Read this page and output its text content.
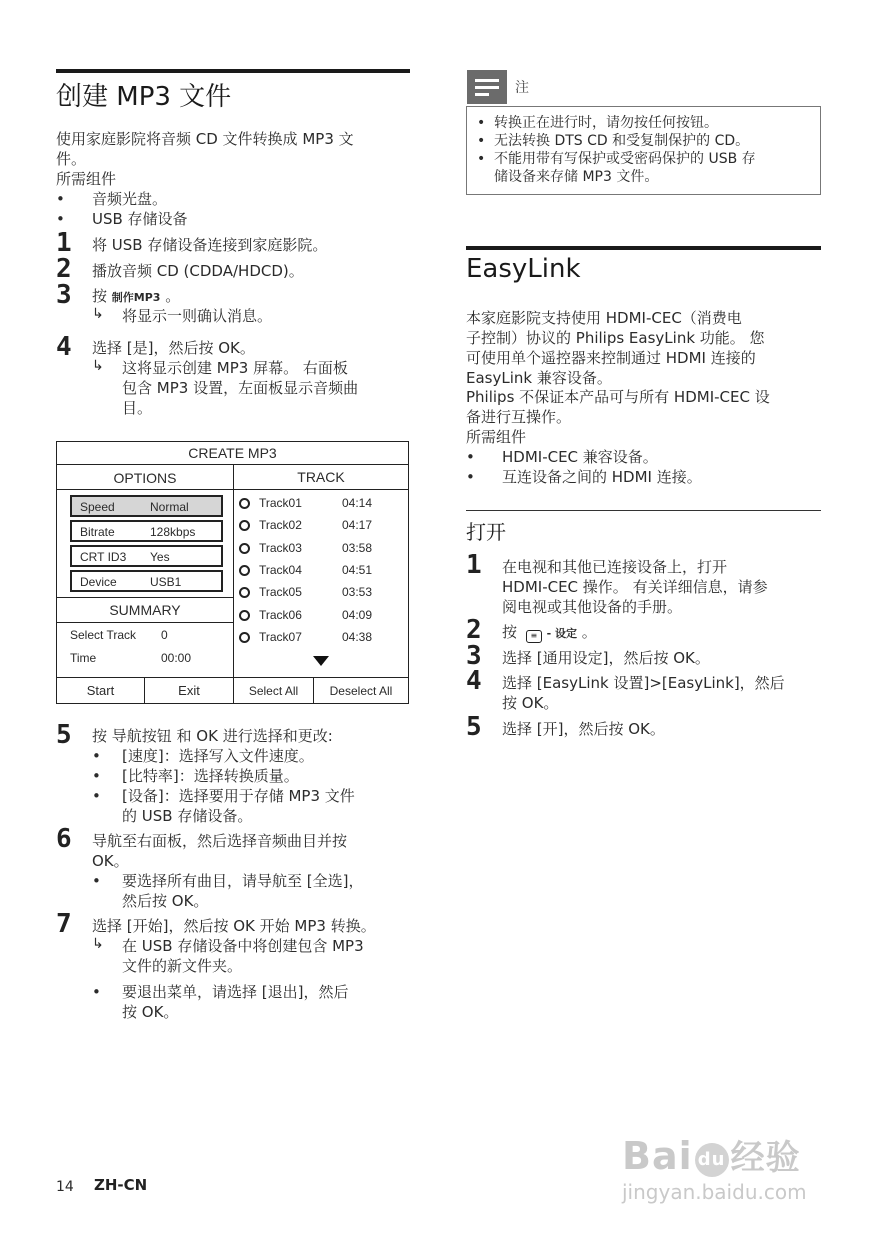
创建 MP3 文件
使用家庭影院将音频 CD 文件转换成 MP3 文
件。
所需组件
• 音频光盘。
• USB 存储设备
1 将 USB 存储设备连接到家庭影院。
2 播放音频 CD (CDDA/HDCD)。
3 按 制作MP3 。
↳ 将显示一则确认消息。
4 选择 [是]，然后按 OK。
↳ 这将显示创建 MP3 屏幕。 右面板
包含 MP3 设置，左面板显示音频曲
目。
CREATE MP3
OPTIONS	TRACK
Speed	Normal
Bitrate	128kbps
CRT ID3 Yes
Device	USB1
SUMMARY
Select Track 0
Time	00:00
Track01	04:14
Track02	04:17
Track03	03:58
Track04	04:51
Track05	03:53
Track06	04:09
Track07	04:38
Start	Exit	Select All	Deselect All
5 按 导航按钮 和 OK 进行选择和更改:
• [速度]：选择写入文件速度。
• [比特率]：选择转换质量。
• [设备]：选择要用于存储 MP3 文件
的 USB 存储设备。
6 导航至右面板，然后选择音频曲目并按
OK。
• 要选择所有曲目，请导航至 [全选]，
然后按 OK。
7 选择 [开始]，然后按 OK 开始 MP3 转换。
↳ 在 USB 存储设备中将创建包含 MP3
文件的新文件夹。
• 要退出菜单，请选择 [退出]，然后
按 OK。
注
• 转换正在进行时，请勿按任何按钮。
• 无法转换 DTS CD 和受复制保护的 CD。
• 不能用带有写保护或受密码保护的 USB 存
储设备来存储 MP3 文件。
EasyLink
本家庭影院支持使用 HDMI-CEC（消费电
子控制）协议的 Philips EasyLink 功能。 您
可使用单个遥控器来控制通过 HDMI 连接的
EasyLink 兼容设备。
Philips 不保证本产品可与所有 HDMI-CEC 设
备进行互操作。
所需组件
• HDMI-CEC 兼容设备。
• 互连设备之间的 HDMI 连接。
打开
1 在电视和其他已连接设备上，打开
HDMI-CEC 操作。 有关详细信息，请参
阅电视或其他设备的手册。
2 按 ≡ - 设定 。
3 选择 [通用设定]，然后按 OK。
4 选择 [EasyLink 设置]>[EasyLink]，然后
按 OK。
5 选择 [开]，然后按 OK。
14 ZH-CN
Bai du 经验
jingyan.baidu.com
